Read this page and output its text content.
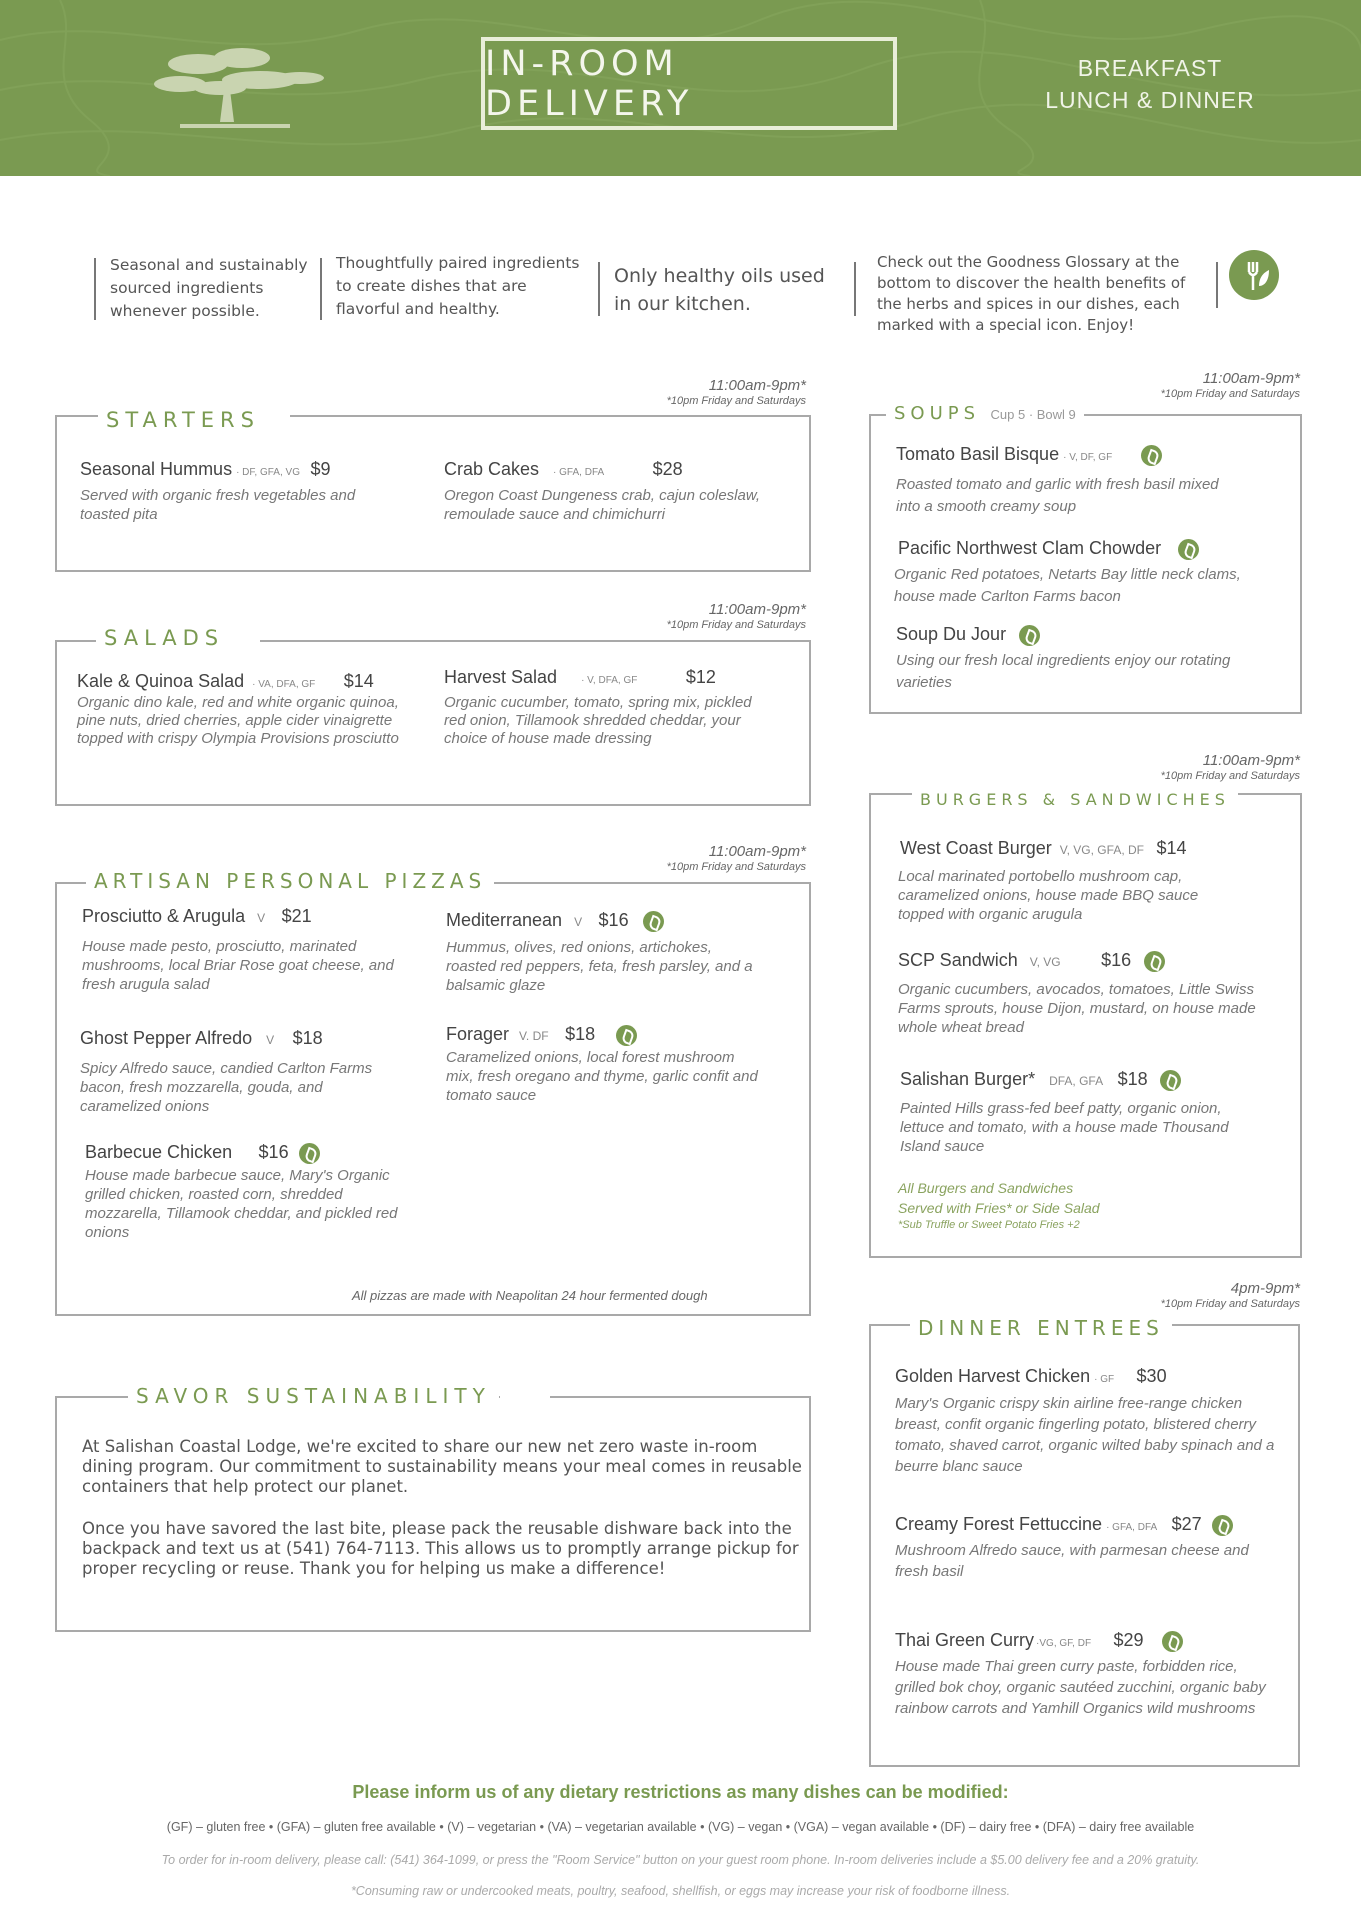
IN-ROOM DELIVERY
BREAKFAST
LUNCH & DINNER
Seasonal and sustainably sourced ingredients whenever possible.
Thoughtfully paired ingredients to create dishes that are flavorful and healthy.
Only healthy oils used in our kitchen.
Check out the Goodness Glossary at the bottom to discover the health benefits of the herbs and spices in our dishes, each marked with a special icon. Enjoy!
11:00am-9pm*
*10pm Friday and Saturdays
STARTERS
Seasonal Hummus · DF, GFA, VG $9
Served with organic fresh vegetables and toasted pita
Crab Cakes · GFA, DFA	$28
Oregon Coast Dungeness crab, cajun coleslaw, remoulade sauce and chimichurri
11:00am-9pm*
*10pm Friday and Saturdays
SALADS
Kale & Quinoa Salad · VA, DFA, GF $14
Organic dino kale, red and white organic quinoa, pine nuts, dried cherries, apple cider vinaigrette topped with crispy Olympia Provisions prosciutto
Harvest Salad · V, DFA, GF	$12
Organic cucumber, tomato, spring mix, pickled red onion, Tillamook shredded cheddar, your choice of house made dressing
11:00am-9pm*
*10pm Friday and Saturdays
ARTISAN PERSONAL PIZZAS
Prosciutto & Arugula V $21
House made pesto, prosciutto, marinated mushrooms, local Briar Rose goat cheese, and fresh arugula salad
Mediterranean V $16
Hummus, olives, red onions, artichokes, roasted red peppers, feta, fresh parsley, and a balsamic glaze
Ghost Pepper Alfredo V $18
Spicy Alfredo sauce, candied Carlton Farms bacon, fresh mozzarella, gouda, and caramelized onions
Forager V. DF $18
Caramelized onions, local forest mushroom mix, fresh oregano and thyme, garlic confit and tomato sauce
Barbecue Chicken $16
House made barbecue sauce, Mary's Organic grilled chicken, roasted corn, shredded mozzarella, Tillamook cheddar, and pickled red onions
All pizzas are made with Neapolitan 24 hour fermented dough
SAVOR SUSTAINABILITY
At Salishan Coastal Lodge, we're excited to share our new net zero waste in-room dining program. Our commitment to sustainability means your meal comes in reusable containers that help protect our planet.
Once you have savored the last bite, please pack the reusable dishware back into the backpack and text us at (541) 764-7113. This allows us to promptly arrange pickup for proper recycling or reuse. Thank you for helping us make a difference!
11:00am-9pm*
*10pm Friday and Saturdays
SOUPS Cup 5 · Bowl 9
Tomato Basil Bisque · V, DF, GF
Roasted tomato and garlic with fresh basil mixed into a smooth creamy soup
Pacific Northwest Clam Chowder
Organic Red potatoes, Netarts Bay little neck clams, house made Carlton Farms bacon
Soup Du Jour
Using our fresh local ingredients enjoy our rotating varieties
11:00am-9pm*
*10pm Friday and Saturdays
BURGERS & SANDWICHES
West Coast Burger V, VG, GFA, DF $14
Local marinated portobello mushroom cap, caramelized onions, house made BBQ sauce topped with organic arugula
SCP Sandwich V, VG $16
Organic cucumbers, avocados, tomatoes, Little Swiss Farms sprouts, house Dijon, mustard, on house made whole wheat bread
Salishan Burger* DFA, GFA $18
Painted Hills grass-fed beef patty, organic onion, lettuce and tomato, with a house made Thousand Island sauce
All Burgers and Sandwiches
Served with Fries* or Side Salad
*Sub Truffle or Sweet Potato Fries +2
4pm-9pm*
*10pm Friday and Saturdays
DINNER ENTREES
Golden Harvest Chicken · GF $30
Mary's Organic crispy skin airline free-range chicken breast, confit organic fingerling potato, blistered cherry tomato, shaved carrot, organic wilted baby spinach and a beurre blanc sauce
Creamy Forest Fettuccine · GFA, DFA $27
Mushroom Alfredo sauce, with parmesan cheese and fresh basil
Thai Green Curry ·VG, GF, DF $29
House made Thai green curry paste, forbidden rice, grilled bok choy, organic sautéed zucchini, organic baby rainbow carrots and Yamhill Organics wild mushrooms
Please inform us of any dietary restrictions as many dishes can be modified:
(GF) – gluten free • (GFA) – gluten free available • (V) – vegetarian • (VA) – vegetarian available • (VG) – vegan • (VGA) – vegan available • (DF) – dairy free • (DFA) – dairy free available
To order for in-room delivery, please call: (541) 364-1099, or press the "Room Service" button on your guest room phone. In-room deliveries include a $5.00 delivery fee and a 20% gratuity.
*Consuming raw or undercooked meats, poultry, seafood, shellfish, or eggs may increase your risk of foodborne illness.
